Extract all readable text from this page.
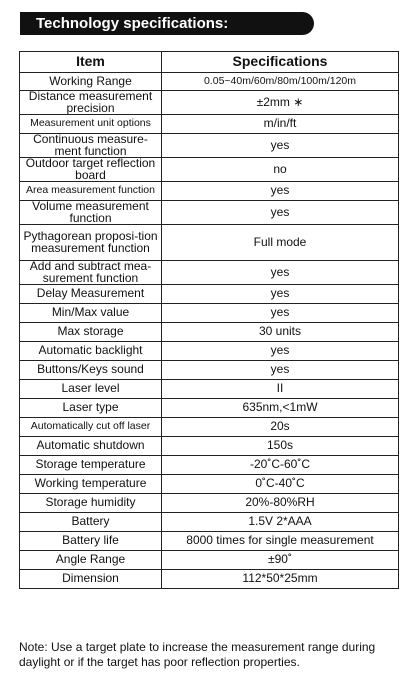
Technology specifications:
Item	Specifications
Working Range	0.05~40m/60m/80m/100m/120m
Distance measurement precision	±2mm ∗
Measurement unit options	m/in/ft
Continuous measure-ment function	yes
Outdoor target reflection board	no
Area measurement function	yes
Volume measurement function	yes
Pythagorean proposi-tion measurement function	Full mode
Add and subtract mea-surement function	yes
Delay Measurement	yes
Min/Max value	yes
Max storage	30 units
Automatic backlight	yes
Buttons/Keys sound	yes
Laser level	II
Laser type	635nm,<1mW
Automatically cut off laser	20s
Automatic shutdown	150s
Storage temperature	-20˚C-60˚C
Working temperature	0˚C-40˚C
Storage humidity	20%-80%RH
Battery	1.5V 2*AAA
Battery life	8000 times for single measurement
Angle Range	±90˚
Dimension	112*50*25mm
Note: Use a target plate to increase the measurement range during daylight or if the target has poor reflection properties.
